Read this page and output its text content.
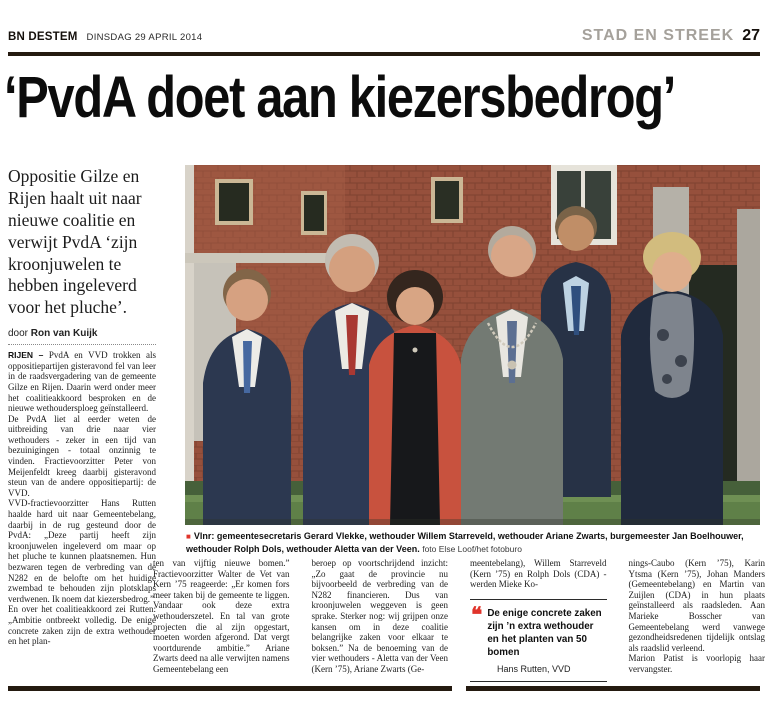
BN DESTEM DINSDAG 29 APRIL 2014	STAD EN STREEK 27
‘PvdA doet aan kiezersbedrog’
Oppositie Gilze en Rijen haalt uit naar nieuwe coalitie en verwijt PvdA ‘zijn kroonjuwelen te hebben ingeleverd voor het pluche’.
door Ron van Kuijk

RIJEN – PvdA en VVD trokken als oppositiepartijen gisteravond fel van leer in de raadsvergadering van de gemeente Gilze en Rijen. Daarin werd onder meer het coalitieakkoord besproken en de nieuwe wethoudersploeg geïnstalleerd.

De PvdA liet al eerder weten de uitbreiding van drie naar vier wethouders - zeker in een tijd van bezuinigingen - totaal onzinnig te vinden. Fractievoorzitter Peter von Meijenfeldt kreeg daarbij gisteravond steun van de andere oppositiepartij: de VVD.

VVD-fractievoorzitter Hans Rutten haalde hard uit naar Gemeentebelang, daarbij in de rug gesteund door de PvdA: „Deze partij heeft zijn kroonjuwelen ingeleverd om maar op het pluche te kunnen plaatsnemen. Hun bezwaren tegen de verbreding van de N282 en de belofte om het huidige zwembad te behouden zijn plotsklaps verdwenen. Ik noem dat kiezersbedrog.”

En over het coalitieakkoord zei Rutten: „Ambitie ontbreekt volledig. De enige concrete zaken zijn de extra wethouder en het plan-

■ Vlnr: gemeentesecretaris Gerard Vlekke, wethouder Willem Starreveld, wethouder Ariane Zwarts, burgemeester Jan Boelhouwer, wethouder Rolph Dols, wethouder Aletta van der Veen. foto Else Loof/het fotoburo

ten van vijftig nieuwe bomen.” Fractievoorzitter Walter de Vet van Kern ’75 reageerde: „Er komen fors meer taken bij de gemeente te liggen. Vandaar ook deze extra wethouderszetel. En tal van grote projecten die al zijn opgestart, moeten worden afgerond. Dat vergt voortdurende ambitie.” Ariane Zwarts deed na alle verwijten namens Gemeentebelang een

beroep op voortschrijdend inzicht: „Zo gaat de provincie nu bijvoorbeeld de verbreding van de N282 financieren. Dus van kroonjuwelen weggeven is geen sprake. Sterker nog: wij grijpen onze kansen om in deze coalitie belangrijke zaken voor elkaar te boksen.” Na de benoeming van de vier wethouders - Aletta van der Veen (Kern ’75), Ariane Zwarts (Ge-

meentebelang), Willem Starreveld (Kern ’75) en Rolph Dols (CDA) - werden Mieke Ko-

❝ De enige concrete zaken zijn ’n extra wethouder en het planten van 50 bomen
Hans Rutten, VVD

nings-Caubo (Kern ’75), Karin Ytsma (Kern ’75), Johan Manders (Gemeentebelang) en Martin van Zuijlen (CDA) in hun plaats geïnstalleerd als raadsleden. Aan Marieke Bosscher van Gemeentebelang werd vanwege gezondheidsredenen tijdelijk ontslag als raadslid verleend.

Marion Patist is voorlopig haar vervangster.
